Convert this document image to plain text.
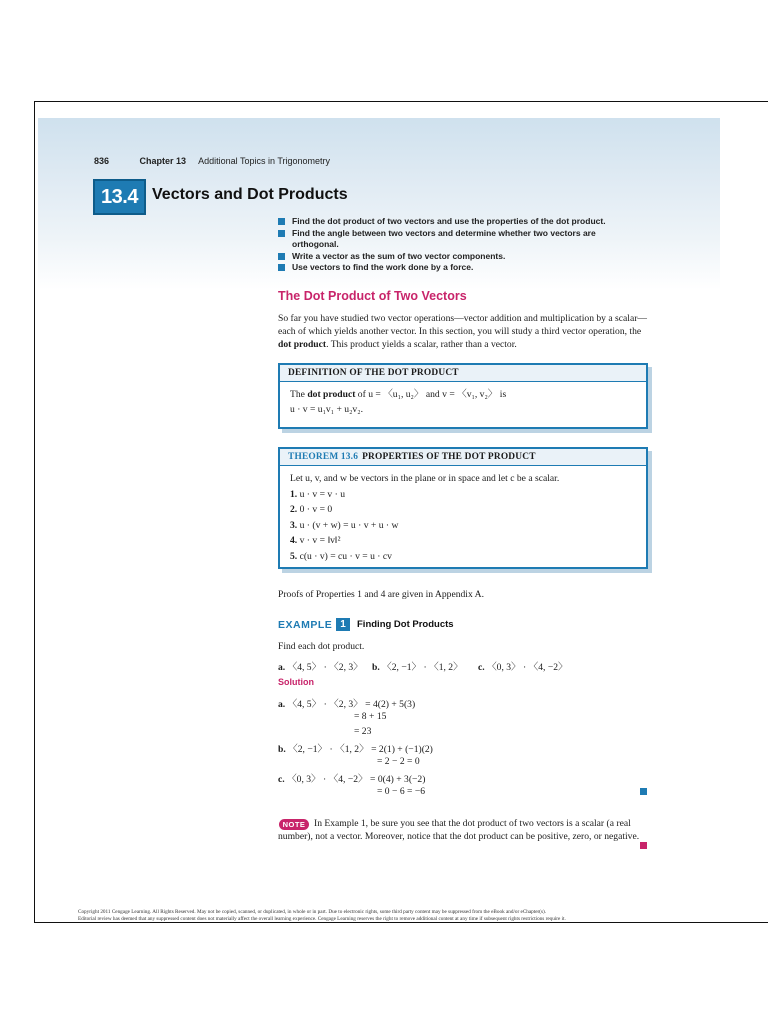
836	Chapter 13 Additional Topics in Trigonometry
13.4 Vectors and Dot Products
Find the dot product of two vectors and use the properties of the dot product.
Find the angle between two vectors and determine whether two vectors are orthogonal.
Write a vector as the sum of two vector components.
Use vectors to find the work done by a force.
The Dot Product of Two Vectors

So far you have studied two vector operations—vector addition and multiplication by a scalar—each of which yields another vector. In this section, you will study a third vector operation, the dot product. This product yields a scalar, rather than a vector.

DEFINITION OF THE DOT PRODUCT
The dot product of u = 〈u₁, u₂〉 and v = 〈v₁, v₂〉 is
u · v = u₁v₁ + u₂v₂.
THEOREM 13.6 PROPERTIES OF THE DOT PRODUCT
Let u, v, and w be vectors in the plane or in space and let c be a scalar.
1. u · v = v · u
2. 0 · v = 0
3. u · (v + w) = u · v + u · w
4. v · v = ‖v‖²
5. c(u · v) = cu · v = u · cv
Proofs of Properties 1 and 4 are given in Appendix A.
EXAMPLE 1	Finding Dot Products
Find each dot product.
a. 〈4, 5〉 · 〈2, 3〉 b. 〈2, −1〉 · 〈1, 2〉 c. 〈0, 3〉 · 〈4, −2〉
Solution
a. 〈4, 5〉 · 〈2, 3〉 = 4(2) + 5(3)
= 8 + 15
= 23
b. 〈2, −1〉 · 〈1, 2〉 = 2(1) + (−1)(2)
= 2 − 2 = 0
c. 〈0, 3〉 · 〈4, −2〉 = 0(4) + 3(−2)
= 0 − 6 = −6

In Example 1, be sure you see that the dot product of two vectors is a scalar (a real number), not a vector. Moreover, notice that the dot product can be positive, zero, or negative.

NOTE
Copyright 2011 Cengage Learning. All Rights Reserved. May not be copied, scanned, or duplicated, in whole or in part. Due to electronic rights, some third party content may be suppressed from the eBook and/or eChapter(s).
Editorial review has deemed that any suppressed content does not materially affect the overall learning experience. Cengage Learning reserves the right to remove additional content at any time if subsequent rights restrictions require it.
